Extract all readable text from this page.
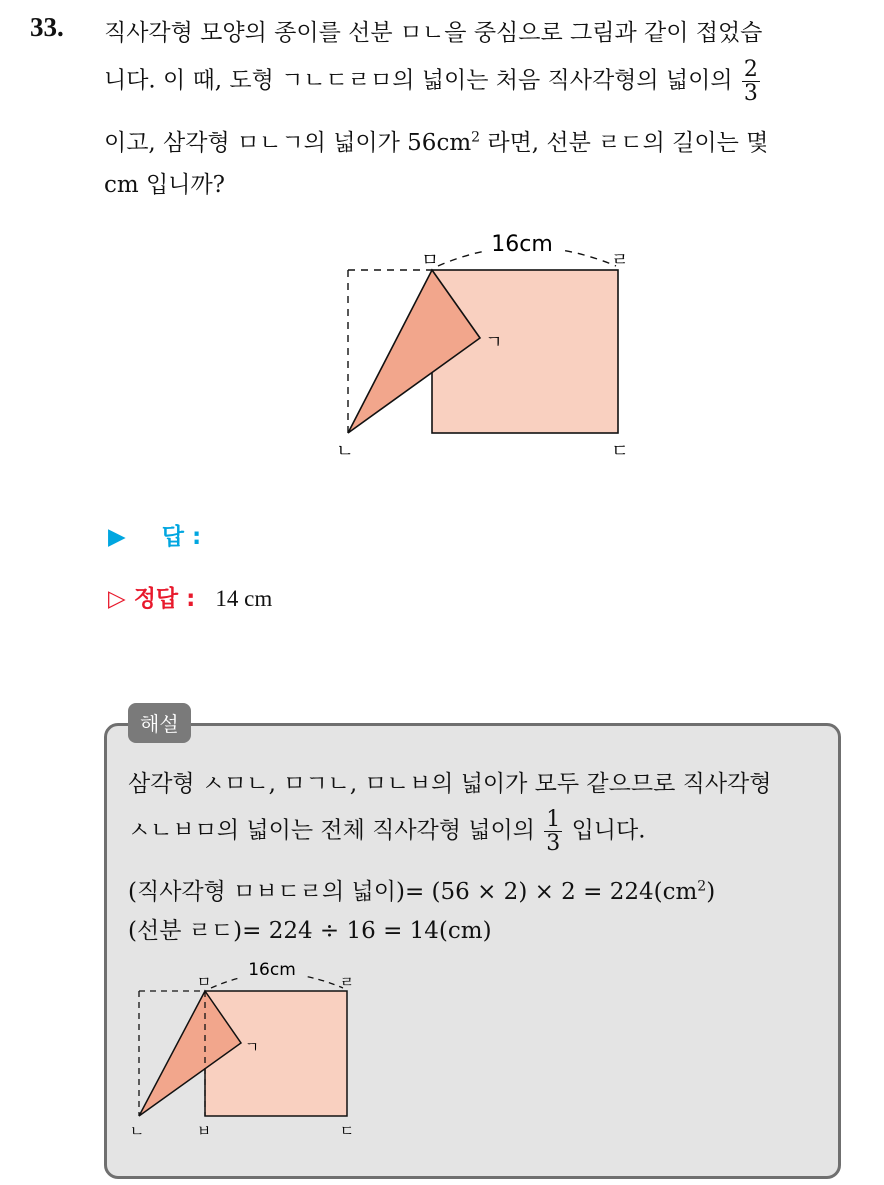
33. 직사각형 모양의 종이를 선분 ㅁㄴ을 중심으로 그림과 같이 접었습
니다. 이 때, 도형 ㄱㄴㄷㄹㅁ의 넓이는 처음 직사각형의 넓이의 $\frac{2}{3}$
이고, 삼각형 ㅁㄴㄱ의 넓이가 $56cm^2$ 라면, 선분 ㄹㄷ의 길이는 몇
cm 입니까?
16cm
ㅁ	ㄹ
ㄱ
ㄴ	ㄷ
▶ 답 :
▷ 정답 : 14 cm
해설
삼각형 ㅅㅁㄴ, ㅁㄱㄴ, ㅁㄴㅂ의 넓이가 모두 같으므로 직사각형
ㅅㄴㅂㅁ의 넓이는 전체 직사각형 넓이의 $\frac{1}{3}$ 입니다.
(직사각형 ㅁㅂㄷㄹ의 넓이)= $(56 \times 2) \times 2 = 224(cm^2)$
(선분 ㄹㄷ)= 224 ÷ 16 = 14(cm)
16cm
ㅁ	ㄹ
ㄱ
ㄴ	ㅂ	ㄷ
